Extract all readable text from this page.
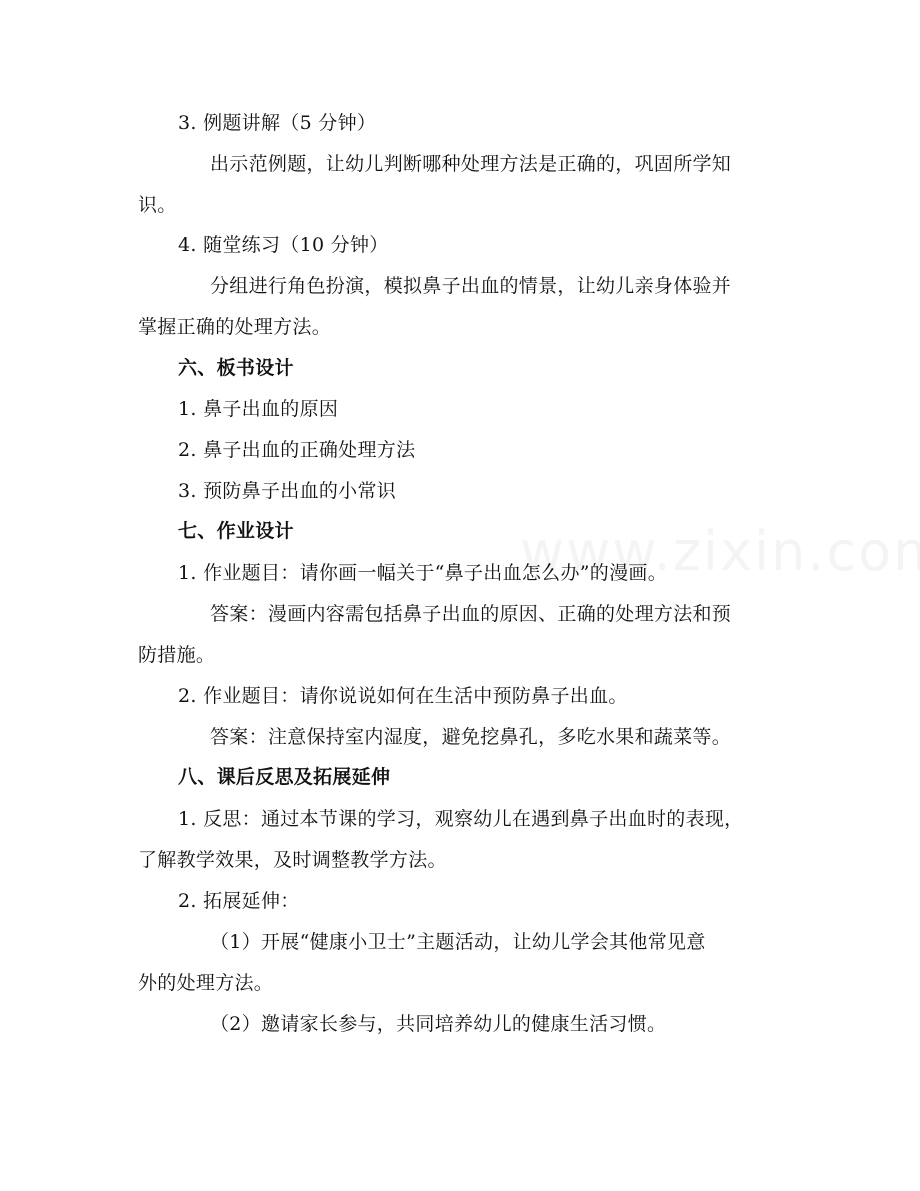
3. 例题讲解（5 分钟）
出示范例题，让幼儿判断哪种处理方法是正确的，巩固所学知
识。
4. 随堂练习（10 分钟）
分组进行角色扮演，模拟鼻子出血的情景，让幼儿亲身体验并
掌握正确的处理方法。
六、板书设计
1. 鼻子出血的原因
2. 鼻子出血的正确处理方法
3. 预防鼻子出血的小常识
七、作业设计
1. 作业题目：请你画一幅关于“鼻子出血怎么办”的漫画。
答案：漫画内容需包括鼻子出血的原因、正确的处理方法和预
防措施。
2. 作业题目：请你说说如何在生活中预防鼻子出血。
答案：注意保持室内湿度，避免挖鼻孔，多吃水果和蔬菜等。
八、课后反思及拓展延伸
1. 反思：通过本节课的学习，观察幼儿在遇到鼻子出血时的表现，
了解教学效果，及时调整教学方法。
2. 拓展延伸：
（1）开展“健康小卫士”主题活动，让幼儿学会其他常见意
外的处理方法。
（2）邀请家长参与，共同培养幼儿的健康生活习惯。
